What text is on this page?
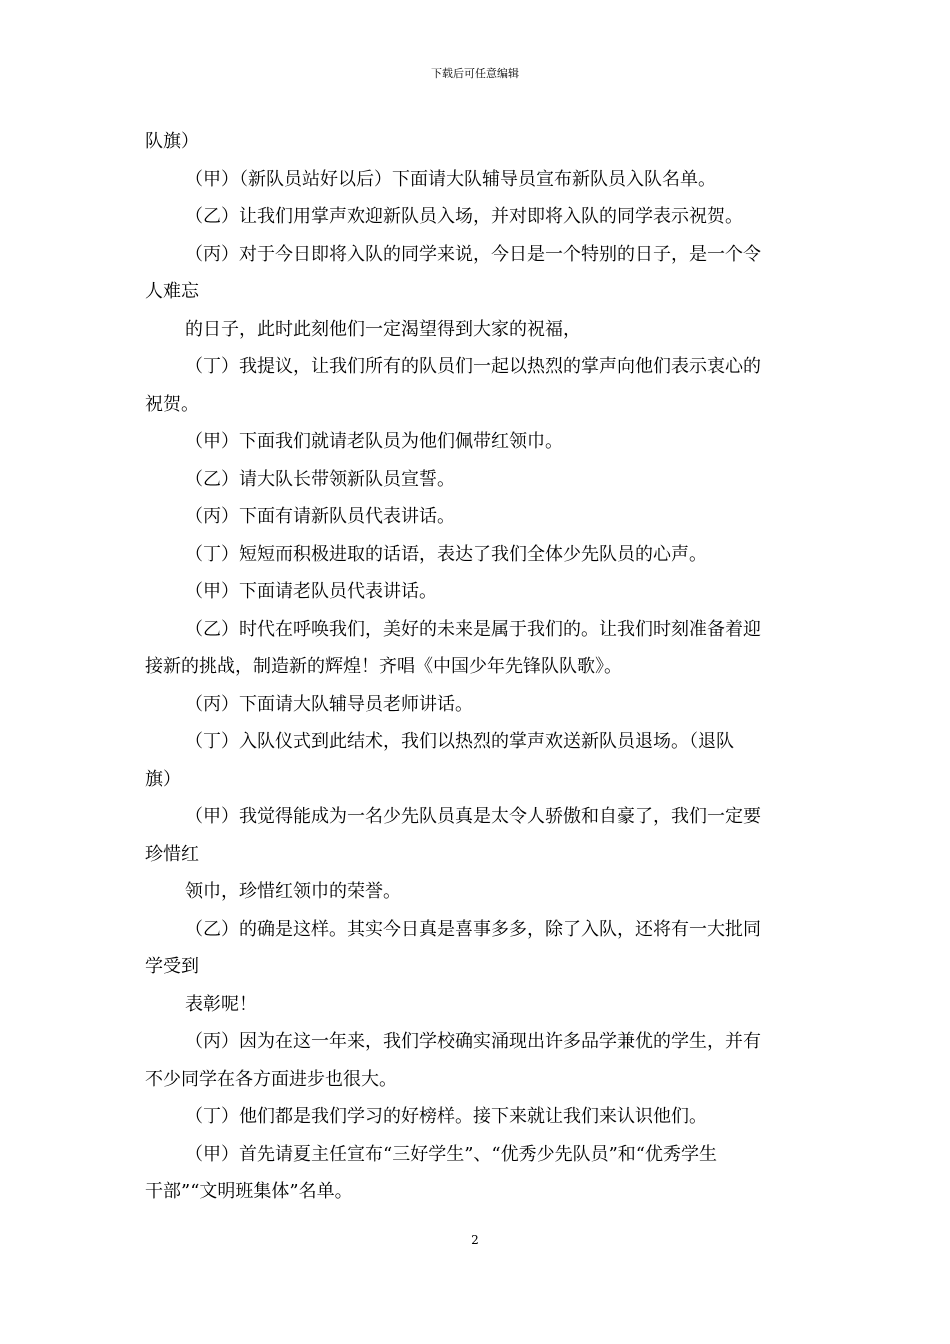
下载后可任意编辑

队旗）

（甲）（新队员站好以后）下面请大队辅导员宣布新队员入队名单。

（乙）让我们用掌声欢迎新队员入场，并对即将入队的同学表示祝贺。

（丙）对于今日即将入队的同学来说，今日是一个特别的日子，是一个令

人难忘

的日子，此时此刻他们一定渴望得到大家的祝福，

（丁）我提议，让我们所有的队员们一起以热烈的掌声向他们表示衷心的

祝贺。

（甲）下面我们就请老队员为他们佩带红领巾。

（乙）请大队长带领新队员宣誓。

（丙）下面有请新队员代表讲话。

（丁）短短而积极进取的话语，表达了我们全体少先队员的心声。

（甲）下面请老队员代表讲话。

（乙）时代在呼唤我们，美好的未来是属于我们的。让我们时刻准备着迎

接新的挑战，制造新的辉煌！齐唱《中国少年先锋队队歌》。

（丙）下面请大队辅导员老师讲话。

（丁）入队仪式到此结术，我们以热烈的掌声欢送新队员退场。（退队

旗）

（甲）我觉得能成为一名少先队员真是太令人骄傲和自豪了，我们一定要

珍惜红

领巾，珍惜红领巾的荣誉。

（乙）的确是这样。其实今日真是喜事多多，除了入队，还将有一大批同

学受到

表彰呢！

（丙）因为在这一年来，我们学校确实涌现出许多品学兼优的学生，并有

不少同学在各方面进步也很大。

（丁）他们都是我们学习的好榜样。接下来就让我们来认识他们。

（甲）首先请夏主任宣布“三好学生”、“优秀少先队员”和“优秀学生

干部”“文明班集体”名单。

2
